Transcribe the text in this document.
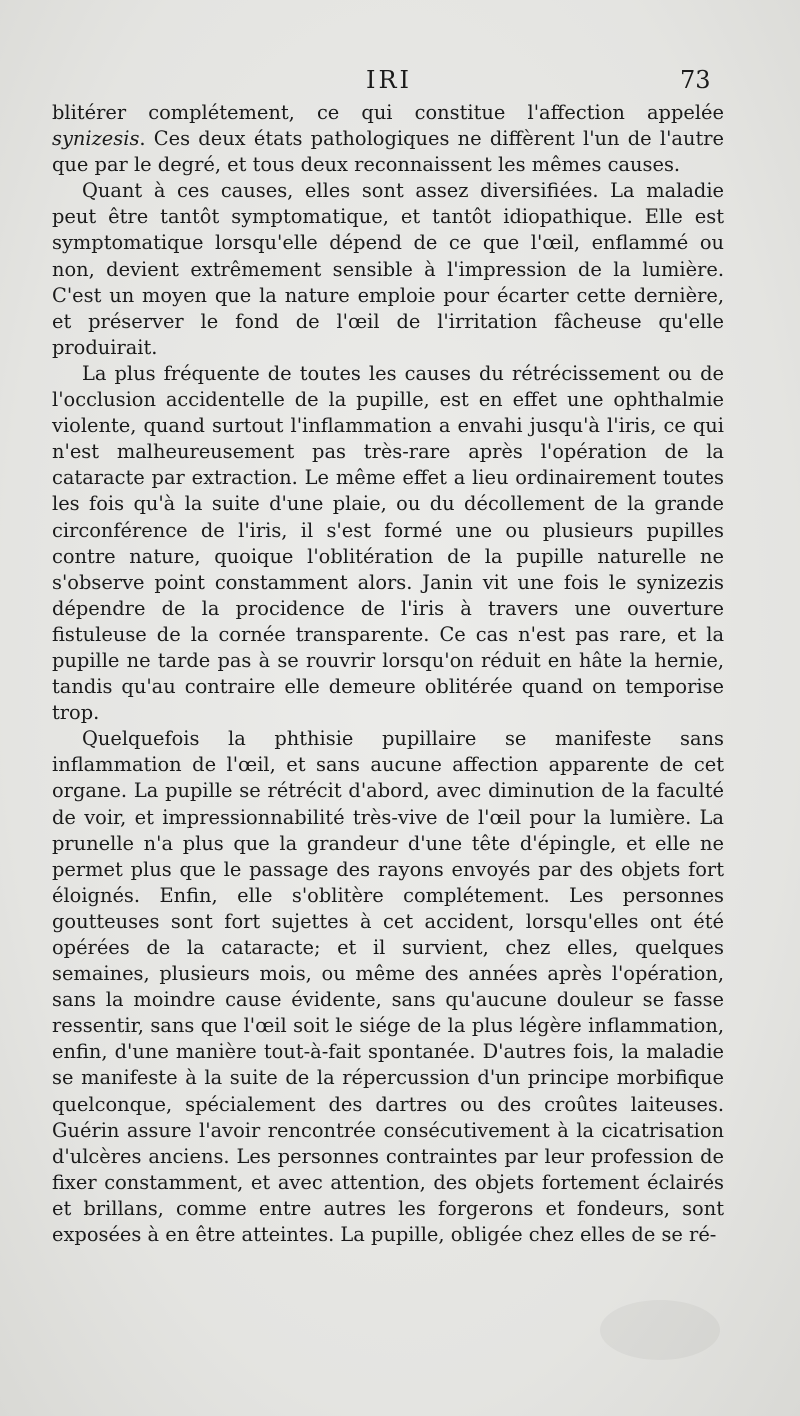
IRI	73

blitérer complétement, ce qui constitue l'affection appelée synizesis. Ces deux états pathologiques ne diffèrent l'un de l'autre que par le degré, et tous deux reconnaissent les mêmes causes.

Quant à ces causes, elles sont assez diversifiées. La maladie peut être tantôt symptomatique, et tantôt idiopathique. Elle est symptomatique lorsqu'elle dépend de ce que l'œil, enflammé ou non, devient extrêmement sensible à l'impression de la lumière. C'est un moyen que la nature emploie pour écarter cette dernière, et préserver le fond de l'œil de l'irritation fâcheuse qu'elle produirait.

La plus fréquente de toutes les causes du rétrécissement ou de l'occlusion accidentelle de la pupille, est en effet une ophthalmie violente, quand surtout l'inflammation a envahi jusqu'à l'iris, ce qui n'est malheureusement pas très-rare après l'opération de la cataracte par extraction. Le même effet a lieu ordinairement toutes les fois qu'à la suite d'une plaie, ou du décollement de la grande circonférence de l'iris, il s'est formé une ou plusieurs pupilles contre nature, quoique l'oblitération de la pupille naturelle ne s'observe point constamment alors. Janin vit une fois le synizezis dépendre de la procidence de l'iris à travers une ouverture fistuleuse de la cornée transparente. Ce cas n'est pas rare, et la pupille ne tarde pas à se rouvrir lorsqu'on réduit en hâte la hernie, tandis qu'au contraire elle demeure oblitérée quand on temporise trop.

Quelquefois la phthisie pupillaire se manifeste sans inflammation de l'œil, et sans aucune affection apparente de cet organe. La pupille se rétrécit d'abord, avec diminution de la faculté de voir, et impressionnabilité très-vive de l'œil pour la lumière. La prunelle n'a plus que la grandeur d'une tête d'épingle, et elle ne permet plus que le passage des rayons envoyés par des objets fort éloignés. Enfin, elle s'oblitère complétement. Les personnes goutteuses sont fort sujettes à cet accident, lorsqu'elles ont été opérées de la cataracte; et il survient, chez elles, quelques semaines, plusieurs mois, ou même des années après l'opération, sans la moindre cause évidente, sans qu'aucune douleur se fasse ressentir, sans que l'œil soit le siége de la plus légère inflammation, enfin, d'une manière tout-à-fait spontanée. D'autres fois, la maladie se manifeste à la suite de la répercussion d'un principe morbifique quelconque, spécialement des dartres ou des croûtes laiteuses. Guérin assure l'avoir rencontrée consécutivement à la cicatrisation d'ulcères anciens. Les personnes contraintes par leur profession de fixer constamment, et avec attention, des objets fortement éclairés et brillans, comme entre autres les forgerons et fondeurs, sont exposées à en être atteintes. La pupille, obligée chez elles de se ré-
